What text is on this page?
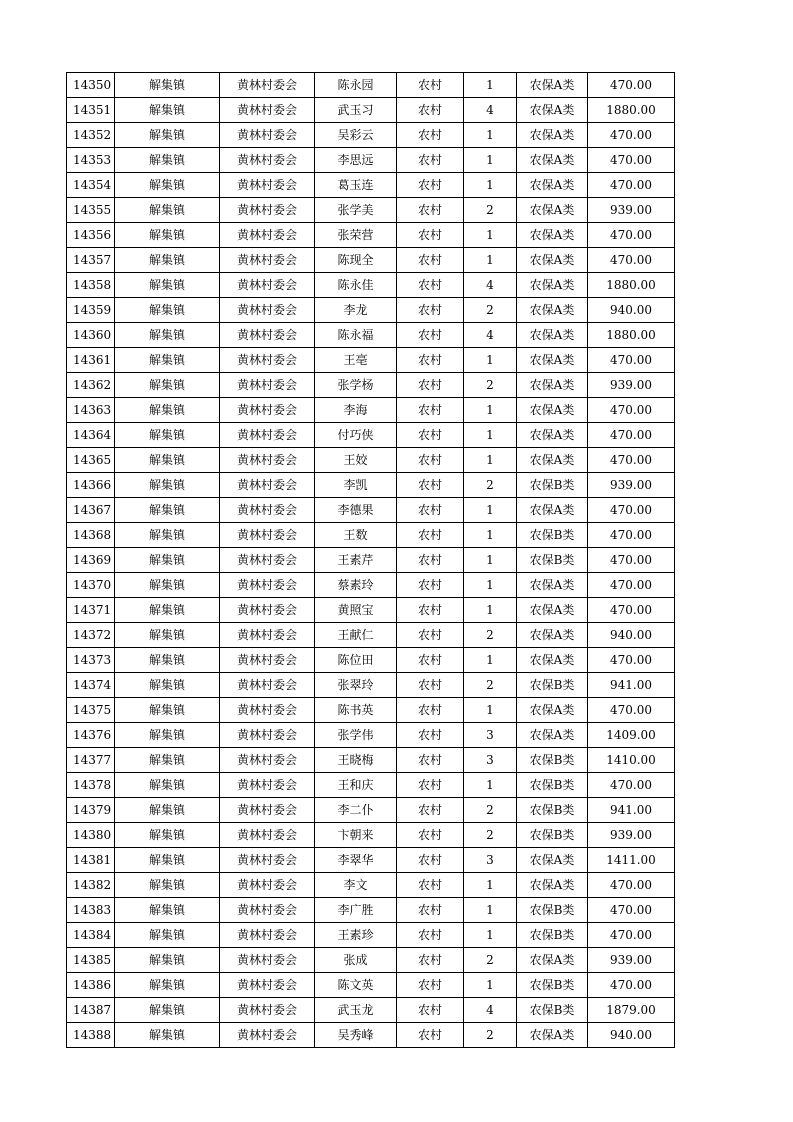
14350	解集镇	黄林村委会	陈永园	农村	1	农保A类	470.00
14351	解集镇	黄林村委会	武玉习	农村	4	农保A类	1880.00
14352	解集镇	黄林村委会	吴彩云	农村	1	农保A类	470.00
14353	解集镇	黄林村委会	李思远	农村	1	农保A类	470.00
14354	解集镇	黄林村委会	葛玉连	农村	1	农保A类	470.00
14355	解集镇	黄林村委会	张学美	农村	2	农保A类	939.00
14356	解集镇	黄林村委会	张荣营	农村	1	农保A类	470.00
14357	解集镇	黄林村委会	陈现全	农村	1	农保A类	470.00
14358	解集镇	黄林村委会	陈永佳	农村	4	农保A类	1880.00
14359	解集镇	黄林村委会	李龙	农村	2	农保A类	940.00
14360	解集镇	黄林村委会	陈永福	农村	4	农保A类	1880.00
14361	解集镇	黄林村委会	王亳	农村	1	农保A类	470.00
14362	解集镇	黄林村委会	张学杨	农村	2	农保A类	939.00
14363	解集镇	黄林村委会	李海	农村	1	农保A类	470.00
14364	解集镇	黄林村委会	付巧侠	农村	1	农保A类	470.00
14365	解集镇	黄林村委会	王姣	农村	1	农保A类	470.00
14366	解集镇	黄林村委会	李凯	农村	2	农保B类	939.00
14367	解集镇	黄林村委会	李德果	农村	1	农保A类	470.00
14368	解集镇	黄林村委会	王数	农村	1	农保B类	470.00
14369	解集镇	黄林村委会	王素芹	农村	1	农保B类	470.00
14370	解集镇	黄林村委会	蔡素玲	农村	1	农保A类	470.00
14371	解集镇	黄林村委会	黄照宝	农村	1	农保A类	470.00
14372	解集镇	黄林村委会	王献仁	农村	2	农保A类	940.00
14373	解集镇	黄林村委会	陈位田	农村	1	农保A类	470.00
14374	解集镇	黄林村委会	张翠玲	农村	2	农保B类	941.00
14375	解集镇	黄林村委会	陈书英	农村	1	农保A类	470.00
14376	解集镇	黄林村委会	张学伟	农村	3	农保A类	1409.00
14377	解集镇	黄林村委会	王晓梅	农村	3	农保B类	1410.00
14378	解集镇	黄林村委会	王和庆	农村	1	农保B类	470.00
14379	解集镇	黄林村委会	李二仆	农村	2	农保B类	941.00
14380	解集镇	黄林村委会	卞朝来	农村	2	农保B类	939.00
14381	解集镇	黄林村委会	李翠华	农村	3	农保A类	1411.00
14382	解集镇	黄林村委会	李文	农村	1	农保A类	470.00
14383	解集镇	黄林村委会	李广胜	农村	1	农保B类	470.00
14384	解集镇	黄林村委会	王素珍	农村	1	农保B类	470.00
14385	解集镇	黄林村委会	张成	农村	2	农保A类	939.00
14386	解集镇	黄林村委会	陈文英	农村	1	农保B类	470.00
14387	解集镇	黄林村委会	武玉龙	农村	4	农保B类	1879.00
14388	解集镇	黄林村委会	吴秀峰	农村	2	农保A类	940.00
